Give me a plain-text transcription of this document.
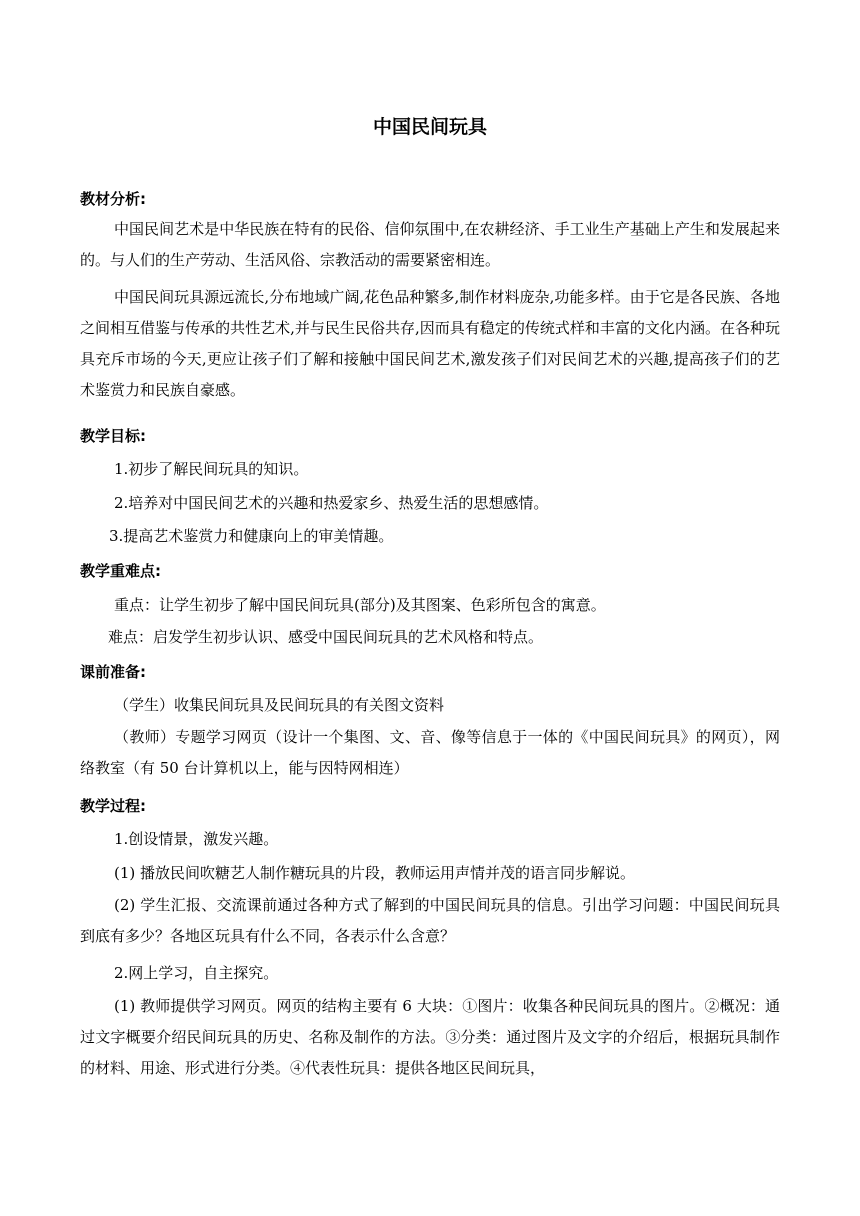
中国民间玩具
教材分析:
中国民间艺术是中华民族在特有的民俗、信仰氛围中,在农耕经济、手工业生产基础上产生和发展起来的。与人们的生产劳动、生活风俗、宗教活动的需要紧密相连。
中国民间玩具源远流长,分布地域广阔,花色品种繁多,制作材料庞杂,功能多样。由于它是各民族、各地之间相互借鉴与传承的共性艺术,并与民生民俗共存,因而具有稳定的传统式样和丰富的文化内涵。在各种玩具充斥市场的今天,更应让孩子们了解和接触中国民间艺术,激发孩子们对民间艺术的兴趣,提高孩子们的艺术鉴赏力和民族自豪感。
教学目标:
1.初步了解民间玩具的知识。
2.培养对中国民间艺术的兴趣和热爱家乡、热爱生活的思想感情。
3.提高艺术鉴赏力和健康向上的审美情趣。
教学重难点:
重点：让学生初步了解中国民间玩具(部分)及其图案、色彩所包含的寓意。
难点：启发学生初步认识、感受中国民间玩具的艺术风格和特点。
课前准备:
（学生）收集民间玩具及民间玩具的有关图文资料
（教师）专题学习网页（设计一个集图、文、音、像等信息于一体的《中国民间玩具》的网页），网络教室（有 50 台计算机以上，能与因特网相连）
教学过程:
1.创设情景，激发兴趣。
(1) 播放民间吹糖艺人制作糖玩具的片段，教师运用声情并茂的语言同步解说。
(2) 学生汇报、交流课前通过各种方式了解到的中国民间玩具的信息。引出学习问题：中国民间玩具到底有多少？各地区玩具有什么不同，各表示什么含意？
2.网上学习，自主探究。
(1) 教师提供学习网页。网页的结构主要有 6 大块：①图片：收集各种民间玩具的图片。②概况：通过文字概要介绍民间玩具的历史、名称及制作的方法。③分类：通过图片及文字的介绍后，根据玩具制作的材料、用途、形式进行分类。④代表性玩具：提供各地区民间玩具，
